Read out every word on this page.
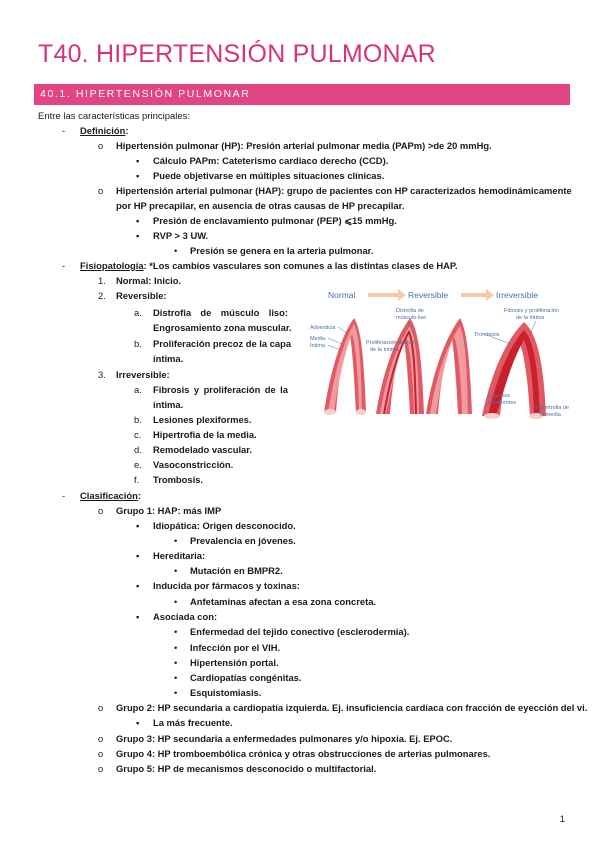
T40. HIPERTENSIÓN PULMONAR
40.1. HIPERTENSIÓN PULMONAR
Entre las características principales:
- Definición:
o Hipertensión pulmonar (HP): Presión arterial pulmonar media (PAPm) >de 20 mmHg.
▪ Cálculo PAPm: Cateterismo cardiaco derecho (CCD).
▪ Puede objetivarse en múltiples situaciones clínicas.
o Hipertensión arterial pulmonar (HAP): grupo de pacientes con HP caracterizados hemodinámicamente
por HP precapilar, en ausencia de otras causas de HP precapilar.
▪ Presión de enclavamiento pulmonar (PEP) ⩽15 mmHg.
▪ RVP > 3 UW.
• Presión se genera en la arteria pulmonar.
- Fisiopatología: *Los cambios vasculares son comunes a las distintas clases de HAP.
1. Normal: Inicio.
2. Reversible:
a. Distrofia de músculo liso:
Engrosamiento zona muscular.
b. Proliferación precoz de la capa
íntima.
3. Irreversible:
a. Fibrosis y proliferación de la
íntima.
b. Lesiones plexiformes.
c. Hipertrofia de la media.
d. Remodelado vascular.
e. Vasoconstricción.
f. Trombosis.
- Clasificación:
o Grupo 1: HAP: más IMP
▪ Idiopática: Origen desconocido.
• Prevalencia en jóvenes.
▪ Hereditaria:
• Mutación en BMPR2.
▪ Inducida por fármacos y toxinas:
• Anfetaminas afectan a esa zona concreta.
▪ Asociada con:
• Enfermedad del tejido conectivo (esclerodermia).
• Infección por el VIH.
• Hipertensión portal.
• Cardiopatías congénitas.
• Esquistomiasis.
o Grupo 2: HP secundaria a cardiopatía izquierda. Ej. insuficiencia cardíaca con fracción de eyección del vi.
▪ La más frecuente.
o Grupo 3: HP secundaria a enfermedades pulmonares y/o hipoxia. Ej. EPOC.
o Grupo 4: HP tromboembólica crónica y otras obstrucciones de arterias pulmonares.
o Grupo 5: HP de mecanismos desconocido o multifactorial.
Normal	Reversible	Irreversible
Adventicia
Media
Íntima
Distrofia de
músculo liso
Proliferación precoz
de la íntima
Fibrosis y proliferación
de la íntima
Trombosis
Lesiones
plexiformes
Hipertrofia de
la media
1
